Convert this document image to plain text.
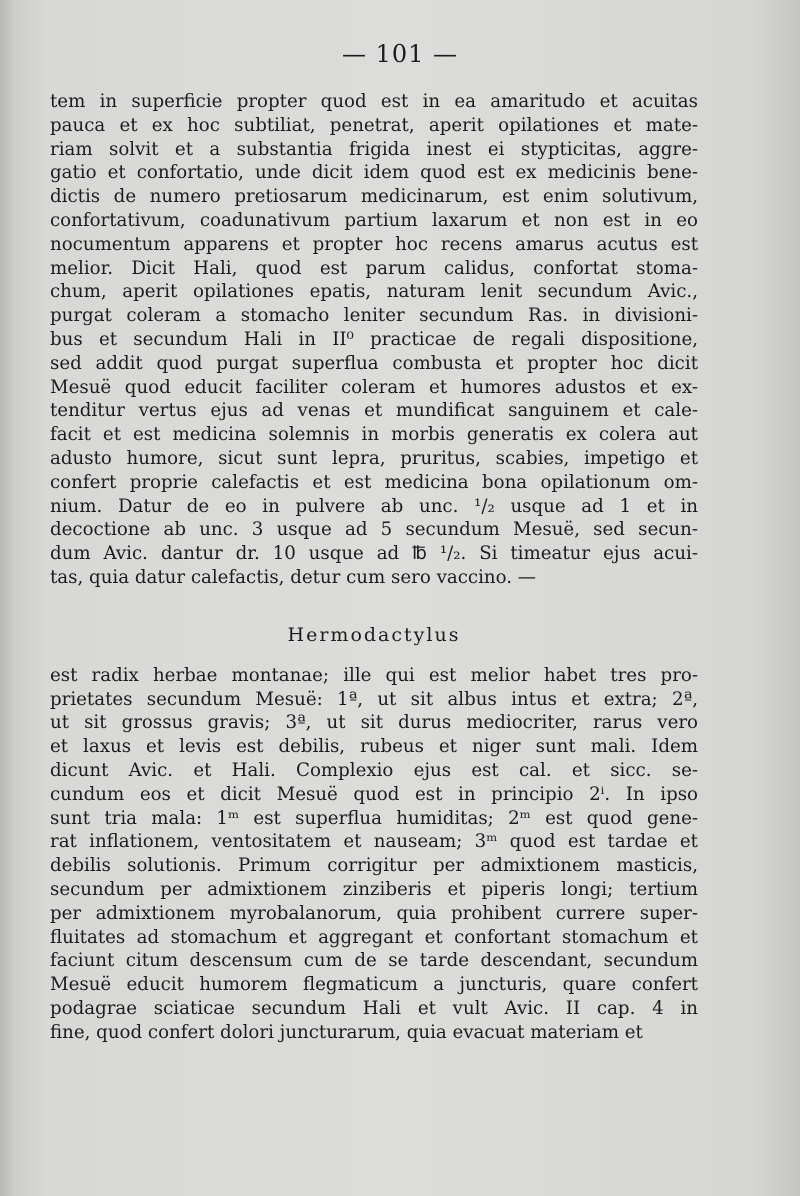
— 101 —
tem in superficie propter quod est in ea amaritudo et acuitas
pauca et ex hoc subtiliat, penetrat, aperit opilationes et mate-
riam solvit et a substantia frigida inest ei stypticitas, aggre-
gatio et confortatio, unde dicit idem quod est ex medicinis bene-
dictis de numero pretiosarum medicinarum, est enim solutivum,
confortativum, coadunativum partium laxarum et non est in eo
nocumentum apparens et propter hoc recens amarus acutus est
melior. Dicit Hali, quod est parum calidus, confortat stoma-
chum, aperit opilationes epatis, naturam lenit secundum Avic.,
purgat coleram a stomacho leniter secundum Ras. in divisioni-
bus et secundum Hali in II⁰ practicae de regali dispositione,
sed addit quod purgat superflua combusta et propter hoc dicit
Mesuë quod educit faciliter coleram et humores adustos et ex-
tenditur vertus ejus ad venas et mundificat sanguinem et cale-
facit et est medicina solemnis in morbis generatis ex colera aut
adusto humore, sicut sunt lepra, pruritus, scabies, impetigo et
confert proprie calefactis et est medicina bona opilationum om-
nium. Datur de eo in pulvere ab unc. ¹/₂ usque ad 1 et in
decoctione ab unc. 3 usque ad 5 secundum Mesuë, sed secun-
dum Avic. dantur dr. 10 usque ad ℔ ¹/₂. Si timeatur ejus acui-
tas, quia datur calefactis, detur cum sero vaccino. —
Hermodactylus
est radix herbae montanae; ille qui est melior habet tres pro-
prietates secundum Mesuë: 1ª, ut sit albus intus et extra; 2ª,
ut sit grossus gravis; 3ª, ut sit durus mediocriter, rarus vero
et laxus et levis est debilis, rubeus et niger sunt mali. Idem
dicunt Avic. et Hali. Complexio ejus est cal. et sicc. se-
cundum eos et dicit Mesuë quod est in principio 2ⁱ. In ipso
sunt tria mala: 1ᵐ est superflua humiditas; 2ᵐ est quod gene-
rat inflationem, ventositatem et nauseam; 3ᵐ quod est tardae et
debilis solutionis. Primum corrigitur per admixtionem masticis,
secundum per admixtionem zinziberis et piperis longi; tertium
per admixtionem myrobalanorum, quia prohibent currere super-
fluitates ad stomachum et aggregant et confortant stomachum et
faciunt citum descensum cum de se tarde descendant, secundum
Mesuë educit humorem flegmaticum a juncturis, quare confert
podagrae sciaticae secundum Hali et vult Avic. II cap. 4 in
fine, quod confert dolori juncturarum, quia evacuat materiam et
